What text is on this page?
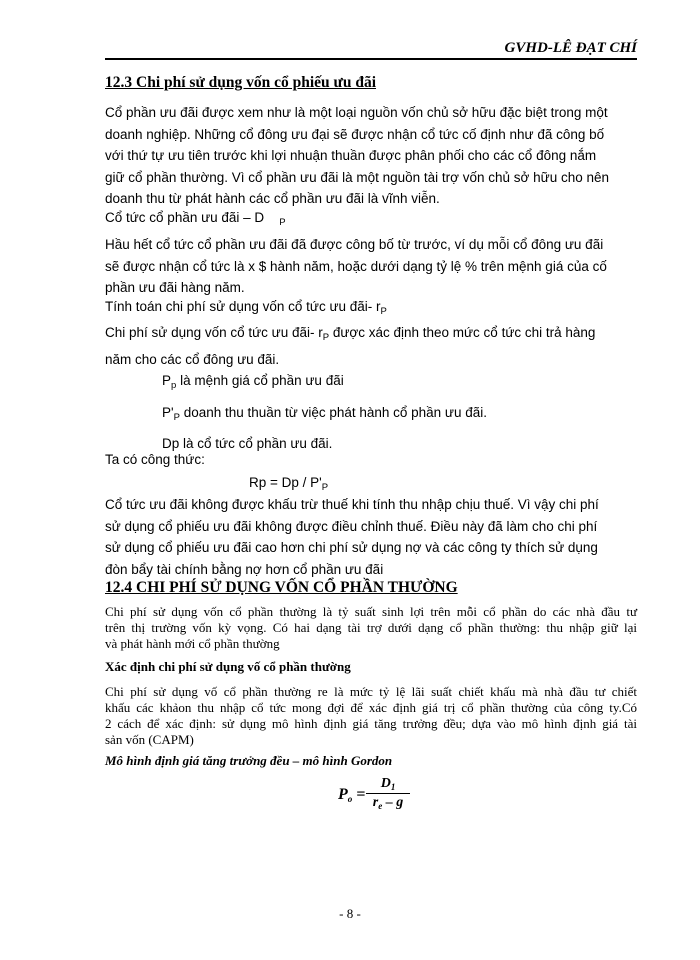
GVHD-LÊ ĐẠT CHÍ
12.3 Chi phí sử dụng vốn cổ phiếu ưu đãi
Cổ phần ưu đãi được xem như là một loại nguồn vốn chủ sở hữu đặc biệt trong một
doanh nghiệp. Những cổ đông ưu đại sẽ được nhận cổ tức cố định như đã công bố
với thứ tự ưu tiên trước khi lợi nhuận thuần được phân phối cho các cổ đông nắm
giữ cổ phần thường. Vì cổ phần ưu đãi là một nguồn tài trợ vốn chủ sở hữu cho nên
doanh thu từ phát hành các cổ phần ưu đãi là vĩnh viễn.
Cổ tức cổ phần ưu đãi – D $_P$
Hầu hết cổ tức cổ phần ưu đãi đã được công bố từ trước, ví dụ mỗi cổ đông ưu đãi
sẽ được nhận cổ tức là x $ hành năm, hoặc dưới dạng tỷ lệ % trên mệnh giá của cố
phần ưu đãi hàng năm.
Tính toán chi phí sử dụng vốn cổ tức ưu đãi- $r_P$
Chi phí sử dụng vốn cổ tức ưu đãi- $r_P$ được xác định theo mức cổ tức chi trả hàng
năm cho các cổ đông ưu đãi.
$P_p$ là mệnh giá cổ phần ưu đãi
$P'_P$ doanh thu thuần từ việc phát hành cổ phần ưu đãi.
Dp là cổ tức cổ phần ưu đãi.
Ta có công thức:
$Rp = Dp / P'_P$
Cổ tức ưu đãi không được khấu trừ thuế khi tính thu nhập chịu thuế. Vì vậy chi phí
sử dụng cổ phiếu ưu đãi không được điều chỉnh thuế. Điều này đã làm cho chi phí
sử dụng cổ phiếu ưu đãi cao hơn chi phí sử dụng nợ và các công ty thích sử dụng
đòn bẩy tài chính bằng nợ hơn cổ phần ưu đãi
12.4 CHI PHÍ SỬ DỤNG VỐN CỔ PHẦN THƯỜNG
Chi phí sử dụng vốn cổ phần thường là tỷ suất sinh lợi trên mỗi cổ phần do các nhà đầu tư
trên thị trường vốn kỳ vọng. Có hai dạng tài trợ dưới dạng cổ phần thường: thu nhập giữ lại
và phát hành mới cổ phần thường
Xác định chi phí sử dụng vố cổ phần thường
Chi phí sử dụng vố cổ phần thường re là mức tỷ lệ lãi suất chiết khấu mà nhà đầu tư chiết
khấu các khảon thu nhập cổ tức mong đợi để xác định giá trị cổ phần thường của công ty.Có
2 cách để xác định: sử dụng mô hình định giá tăng trưởng đều; dựa vào mô hình định giá tài
sản vốn (CAPM)
Mô hình định giá tăng trưởng đều – mô hình Gordon
Po =
$D_1$
$r_e$ – g
- 8 -
